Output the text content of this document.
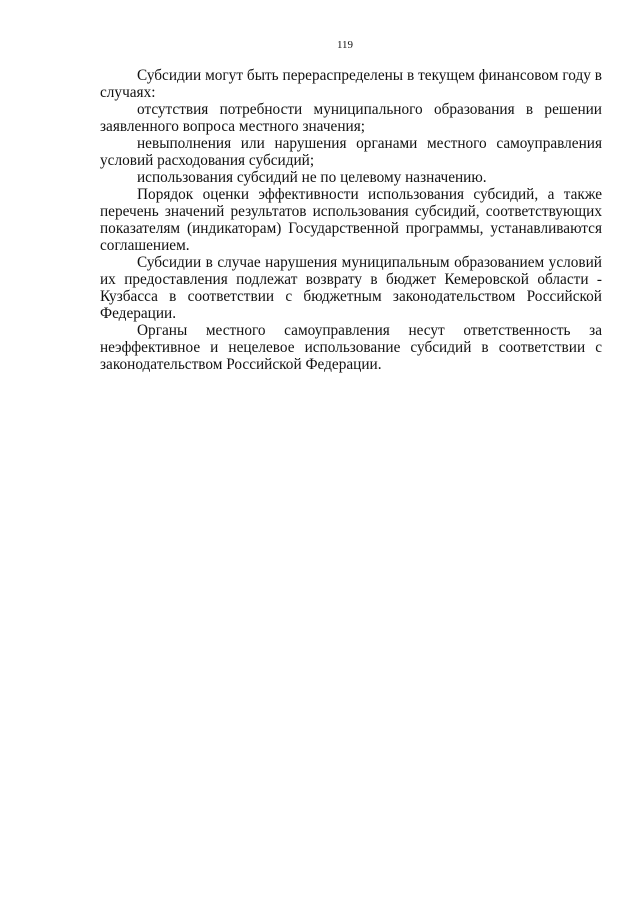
119

Субсидии могут быть перераспределены в текущем финансовом году в случаях:

отсутствия потребности муниципального образования в решении заявленного вопроса местного значения;

невыполнения или нарушения органами местного самоуправления условий расходования субсидий;

использования субсидий не по целевому назначению.

Порядок оценки эффективности использования субсидий, а также перечень значений результатов использования субсидий, соответствующих показателям (индикаторам) Государственной программы, устанавливаются соглашением.

Субсидии в случае нарушения муниципальным образованием условий их предоставления подлежат возврату в бюджет Кемеровской области - Кузбасса в соответствии с бюджетным законодательством Российской Федерации.

Органы местного самоуправления несут ответственность за неэффективное и нецелевое использование субсидий в соответствии с законодательством Российской Федерации.
